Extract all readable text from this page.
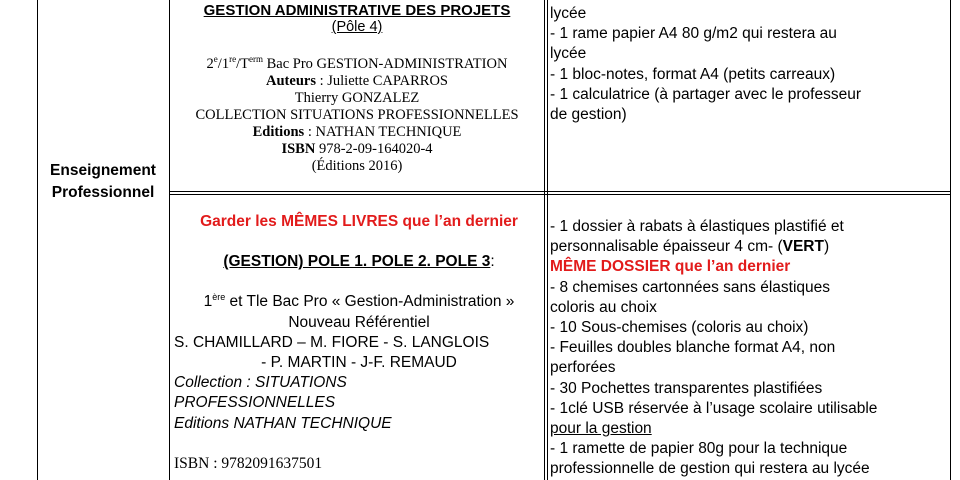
Enseignement
Professionnel
GESTION ADMINISTRATIVE DES PROJETS
(Pôle 4)
$2e/1re/T^{erm}$ Bac Pro GESTION-ADMINISTRATION
Auteurs : Juliette CAPARROS
Thierry GONZALEZ
COLLECTION SITUATIONS PROFESSIONNELLES
Editions : NATHAN TECHNIQUE
ISBN 978-2-09-164020-4
(Éditions 2016)
lycée
- 1 rame papier A4 80 g/m2 qui restera au
lycée
- 1 bloc-notes, format A4 (petits carreaux)
- 1 calculatrice (à partager avec le professeur
de gestion)
Garder les MÊMES LIVRES que l’an dernier
(GESTION) POLE 1. POLE 2. POLE 3:
1ère et Tle Bac Pro « Gestion-Administration »
Nouveau Référentiel
S. CHAMILLARD – M. FIORE - S. LANGLOIS
- P. MARTIN - J-F. REMAUD
Collection : SITUATIONS
PROFESSIONNELLES
Editions NATHAN TECHNIQUE
ISBN : 9782091637501
- 1 dossier à rabats à élastiques plastifié et
personnalisable épaisseur 4 cm- (VERT)
MÊME DOSSIER que l’an dernier
- 8 chemises cartonnées sans élastiques
coloris au choix
- 10 Sous-chemises (coloris au choix)
- Feuilles doubles blanche format A4, non
perforées
- 30 Pochettes transparentes plastifiées
- 1clé USB réservée à l’usage scolaire utilisable
pour la gestion
- 1 ramette de papier 80g pour la technique
professionnelle de gestion qui restera au lycée
